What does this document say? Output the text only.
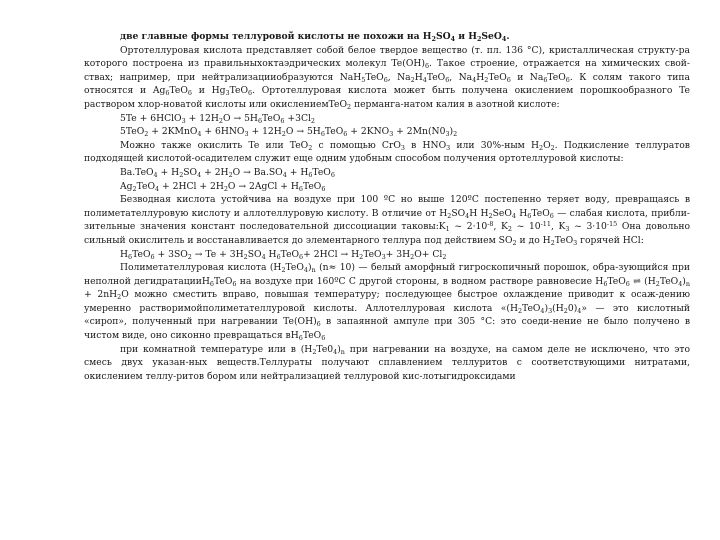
две главные формы теллуровой кислоты не похожи на $H_2SO_4$ и $H_2SeO_4$.

Ортотеллуровая кислота представляет собой белое твердое вещество (т. пл. 136 °С), кристаллическая структу-ра которого построена из правильныхоктаэдрических молекул $Te(OH)_6$. Такое строение, отражается на химических свой-ствах; например, при нейтрализацииобразуются NaH$_5$TeO$_6$, $Na_2H_4TeO_6$, $Na_4H_2TeO_6$ и $Na_6TeO_6$. К солям такого типа относятся и $Ag_6TeO_6$ и $Hg_3TeO_6$. Ортотеллуровая кислота может быть получена окислением порошкообразного Te раствором хлор-новатой кислоты или окислениемTeO$_2$ перманга-натом калия в азотной кислоте:

5Te + 6HClO$_3$ + $12H_2O \to 5H_6TeO_6 +3Cl_2$

5TeO$_2$ + 2KMnO$_4$ + $6HNO_3 + 12H_2O \to 5H_6TeO_6 + 2KNO_3 + 2Mn(N0_3)_2$

Можно также окислить Te или TeO$_2$ с помощью CrO$_3$ в $HNO_3$ или 30%-ным $H_2O_2$. Подкисление теллуратов подходящей кислотой-осадителем служит еще одним удобным способом получения ортотеллуровой кислоты:

$Ba.TeO_4 + H_2SO_4 + 2H_2O \to Ba.SO_4 + H_6TeO_6$

$Ag_2TeO_4 + 2HCl + 2H_2O$ → 2AgCl + $H_6TeO_6$

Безводная кислота устойчива на воздухе при 100 ºС но выше 120ºС постепенно теряет воду, превращаясь в полиметателлуровую кислоту и аллотеллуровую кислоту. В отличие от $H_2SO_4H$ $H_2SeO_4$ $H_6TeO_6$ — слабая кислота, прибли-зительные значения констант последовательной диссоциации $таковы:K_1$ ~ $2\cdot 10^{-8}$, $K_2$ ~ $10^{-11}$, $K_3$ ~ $3\cdot 10^{-15}$ Она довольно сильный окислитель и восстанавливается до элементарного теллура под действием $SO_2$ и до $H_2TeO_3$ горячей HCl:

$H_6TeO_6 + 3SO_2 \to Te + 3H_2SO_4$ $H_6TeO_6+ 2HCl \to H_2TeO_3+ 3H_2O+ Cl_2$

Полиметателлуровая кислота $(H_2TeO_4)_n$ (n≈ 10) — белый аморфный гигроскопичный порошок, обра-зующийся при неполной дегидратацииH$_6$TeO$_6$ на воздухе при 160ºС С другой стороны, в водном растворе равновесие $H_6TeO_6$ ⇌ $(H_2TeO_4)_n + 2nH_2O$ можно сместить вправо, повышая температуру; последующее быстрое охлаждение приводит к осаж-дению умеренно растворимойполиметателлуровой кислоты. Аллотеллуровая кислота «$(H_2TeO_4)_3(H_20)_4$» — это кислотный «сироп», полученный при нагревании $Te(OH)_6$ в запаянной ампуле при 305 °С: это соеди-нение не было получено в чистом виде, оно сиконно превращаться $вH_6TeO_6$

при комнатной температуре или в $(H_2Te0_4)_n$ при нагревании на воздухе, на самом деле не исключено, что это смесь двух указан-ных веществ.Теллураты получают сплавлением теллуритов с соответствующими нитратами, окислением теллу-ритов бором или нейтрализацией теллуровой кис-лотыгидроксидами
